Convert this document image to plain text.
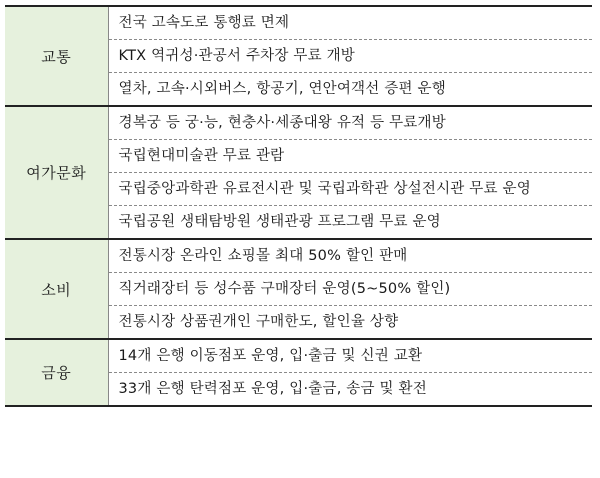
교통	전국 고속도로 통행료 면제
	KTX 역귀성·관공서 주차장 무료 개방
	열차, 고속·시외버스, 항공기, 연안여객선 증편 운행
여가문화	경복궁 등 궁·능, 현충사·세종대왕 유적 등 무료개방
	국립현대미술관 무료 관람
	국립중앙과학관 유료전시관 및 국립과학관 상설전시관 무료 운영
	국립공원 생태탐방원 생태관광 프로그램 무료 운영
소비	전통시장 온라인 쇼핑몰 최대 50% 할인 판매
	직거래장터 등 성수품 구매장터 운영(5~50% 할인)
	전통시장 상품권개인 구매한도, 할인율 상향
금융	14개 은행 이동점포 운영, 입·출금 및 신권 교환
	33개 은행 탄력점포 운영, 입·출금, 송금 및 환전
